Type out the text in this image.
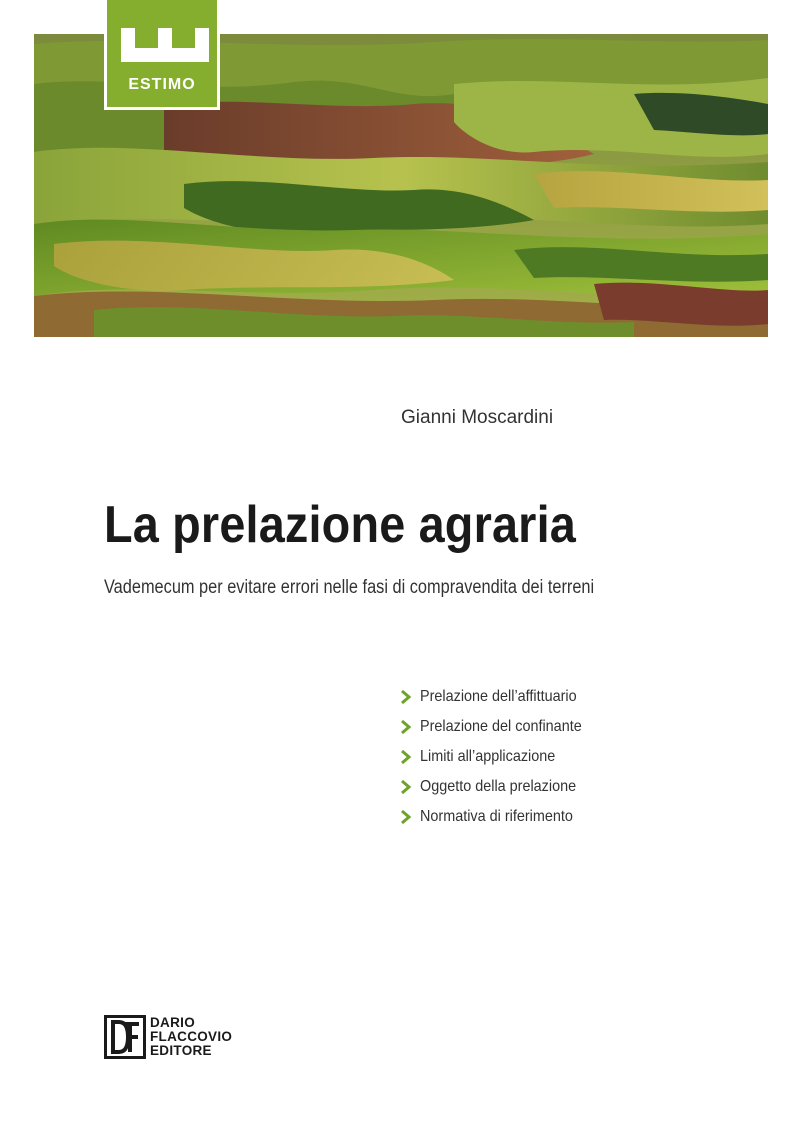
ESTIMO
Gianni Moscardini
La prelazione agraria
Vademecum per evitare errori nelle fasi di compravendita dei terreni
Prelazione dell’affittuario
Prelazione del confinante
Limiti all’applicazione
Oggetto della prelazione
Normativa di riferimento
DARIO
FLACCOVIO
EDITORE
